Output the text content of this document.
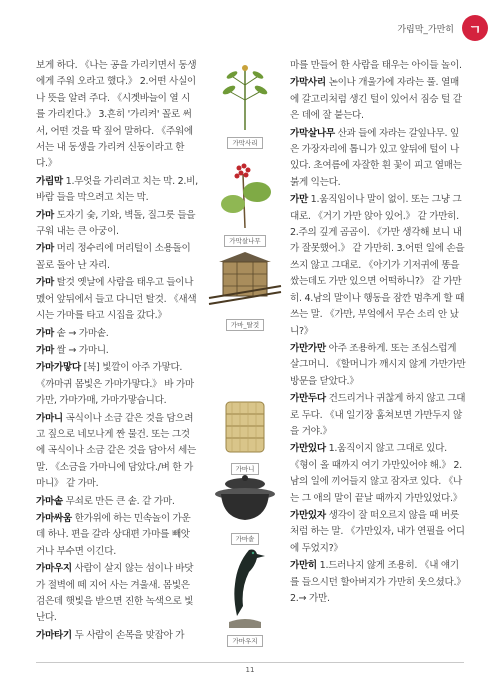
가림막_가만히	ㄱ

보게 하다. 《나는 공을 가리키면서 동생에게 주워 오라고 했다.》 2.어떤 사실이나 뜻을 알려 주다. 《시곗바늘이 열 시를 가리킨다.》 3.흔히 '가리켜' 꼴로 써서, 어떤 것을 딱 짚어 말하다. 《주워에서는 내 동생을 가리켜 신동이라고 한다.》

가림막 1.무엇을 가리려고 치는 막. 2.비, 바람 들을 막으려고 치는 막.

가마 도자기 숯, 기와, 벽돌, 질그릇 들을 구워 내는 큰 아궁이.

가마 머리 정수리에 머리털이 소용돌이 꼴로 돌아 난 자리.

가마 탈것 옛날에 사람을 태우고 들이나 멨어 앞뒤에서 들고 다니던 탈것. 《새색시는 가마를 타고 시집을 갔다.》

가마 솥 → 가마솥.

가마 쌀 → 가마니.

가마가맣다 [북] 빛깔이 아주 가맣다. 《까마귀 몸빛은 가마가맣다.》 바 가마가만, 가마가매, 가마가맣습니다.

가마니 곡식이나 소금 같은 것을 담으려고 짚으로 네모나게 짠 물건. 또는 그것에 곡식이나 소금 같은 것을 담아서 세는 말. 《소금을 가마니에 담았다./벼 한 가마니》 같 가마.

가마솥 무쇠로 만든 큰 솥. 같 가마.

가마싸움 한가위에 하는 민속놀이 가운데 하나. 편을 갈라 상대편 가마를 빼앗거나 부수면 이긴다.

가마우지 사람이 살지 않는 섬이나 바닷가 절벽에 떼 지어 사는 겨울새. 몸빛은 검은데 햇빛을 받으면 진한 녹색으로 빛난다.

가마타기 두 사람이 손목을 맞잡아 가

가막사리
가막살나무
가마_탈것
가마니
가마솥
가마우지

마를 만들어 한 사람을 태우는 아이들 놀이.

가막사리 논이나 개울가에 자라는 풀. 열매에 갈고리처럼 생긴 털이 있어서 짐승 털 같은 데에 잘 붙는다.

가막살나무 산과 들에 자라는 갈잎나무. 잎은 가장자리에 톱니가 있고 앞뒤에 털이 나 있다. 초여름에 자잘한 흰 꽃이 피고 열매는 붉게 익는다.

가만 1.움직임이나 말이 없이. 또는 그냥 그대로. 《거기 가만 앉아 있어.》 같 가만히. 2.주의 깊게 곰곰이. 《가만 생각해 보니 내가 잘못했어.》 같 가만히. 3.어떤 일에 손을 쓰지 않고 그대로. 《아기가 기저귀에 똥을 쌌는데도 가만 있으면 어떡하니?》 같 가만히. 4.남의 말이나 행동을 잠깐 멈추게 할 때 쓰는 말. 《가만, 부엌에서 무슨 소리 안 났니?》

가만가만 아주 조용하게. 또는 조심스럽게 살그머니. 《할머니가 깨시지 않게 가만가만 방문을 닫았다.》

가만두다 건드리거나 귀찮게 하지 않고 그대로 두다. 《내 일기장 훔쳐보면 가만두지 않을 거야.》

가만있다 1.움직이지 않고 그대로 있다. 《형이 올 때까지 여기 가만있어야 해.》 2.남의 일에 끼어들지 않고 잠자코 있다. 《나는 그 애의 말이 끝날 때까지 가만있었다.》

가만있자 생각이 잘 떠오르지 않을 때 버릇처럼 하는 말. 《가만있자, 내가 연필을 어디에 두었지?》

가만히 1.드러나지 않게 조용히. 《내 얘기를 들으시던 할아버지가 가만히 웃으셨다.》 2.→ 가만.

11
